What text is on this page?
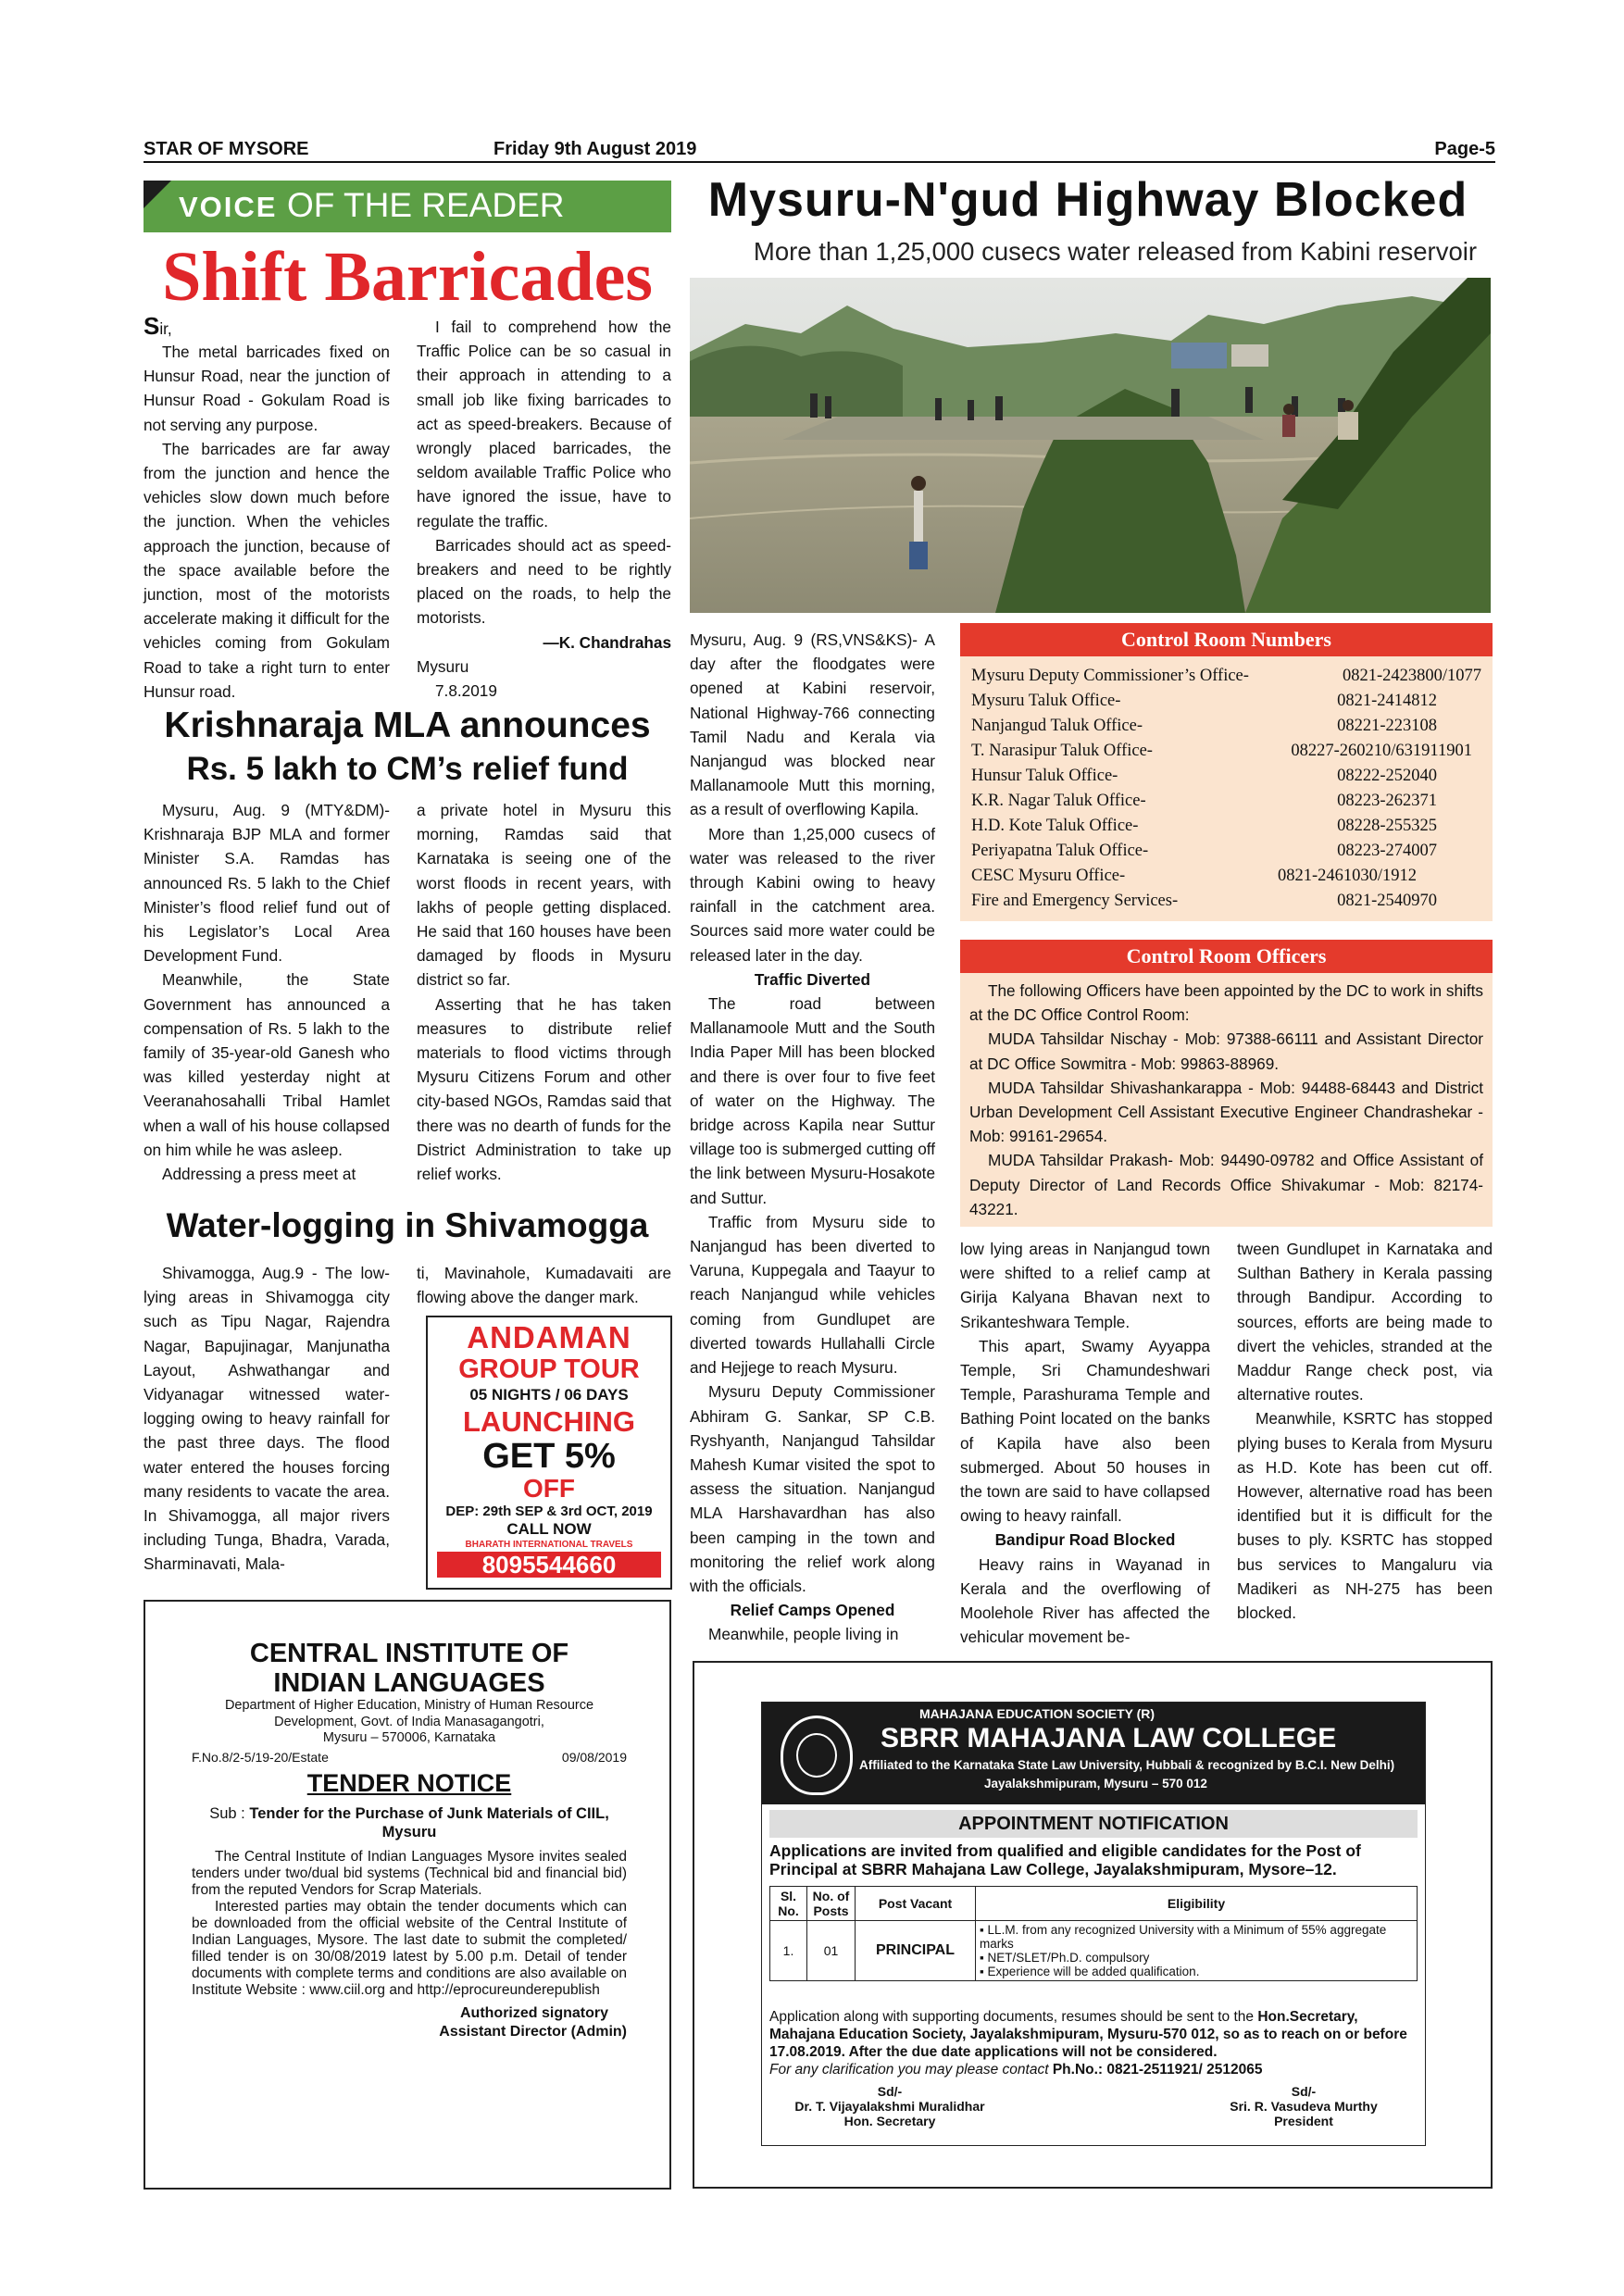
STAR OF MYSORE	Friday 9th August 2019	Page-5
VOICE OF THE READER
Shift Barricades

Sir,

The metal barricades fixed on Hunsur Road, near the junction of Hunsur Road - Gokulam Road is not serving any purpose.

The barricades are far away from the junction and hence the vehicles slow down much before the junction. When the vehicles approach the junction, because of the space available before the junction, most of the motorists accelerate making it difficult for the vehicles coming from Gokulam Road to take a right turn to enter Hunsur road.

I fail to comprehend how the Traffic Police can be so casual in their approach in attending to a small job like fixing barricades to act as speed-breakers. Because of wrongly placed barricades, the seldom available Traffic Police who have ignored the issue, have to regulate the traffic.

Barricades should act as speed-breakers and need to be rightly placed on the roads, to help the motorists.

—K. Chandrahas

Mysuru

7.8.2019

Krishnaraja MLA announces
Rs. 5 lakh to CM’s relief fund

Mysuru, Aug. 9 (MTY&DM)- Krishnaraja BJP MLA and former Minister S.A. Ramdas has announced Rs. 5 lakh to the Chief Minister’s flood relief fund out of his Legislator’s Local Area Development Fund.

Meanwhile, the State Government has announced a compensation of Rs. 5 lakh to the family of 35-year-old Ganesh who was killed yesterday night at Veeranahosahalli Tribal Hamlet when a wall of his house collapsed on him while he was asleep.

Addressing a press meet at

a private hotel in Mysuru this morning, Ramdas said that Karnataka is seeing one of the worst floods in recent years, with lakhs of people getting displaced. He said that 160 houses have been damaged by floods in Mysuru district so far.

Asserting that he has taken measures to distribute relief materials to flood victims through Mysuru Citizens Forum and other city-based NGOs, Ramdas said that there was no dearth of funds for the District Administration to take up relief works.

Water-logging in Shivamogga

Shivamogga, Aug.9 - The low-lying areas in Shivamogga city such as Tipu Nagar, Rajendra Nagar, Bapujinagar, Manjunatha Layout, Ashwathangar and Vidyanagar witnessed water-logging owing to heavy rainfall for the past three days. The flood water entered the houses forcing many residents to vacate the area. In Shivamogga, all major rivers including Tunga, Bhadra, Varada, Sharminavati, Mala-

ti, Mavinahole, Kumadavaiti are flowing above the danger mark.

ANDAMAN
GROUP TOUR
05 NIGHTS / 06 DAYS
LAUNCHING
GET 5%
OFF
DEP: 29th SEP & 3rd OCT, 2019
CALL NOW
BHARATH INTERNATIONAL TRAVELS
8095544660
CENTRAL INSTITUTE OF
INDIAN LANGUAGES
Department of Higher Education, Ministry of Human Resource
Development, Govt. of India Manasagangotri,
Mysuru – 570006, Karnataka
F.No.8/2-5/19-20/Estate	09/08/2019
TENDER NOTICE
Sub : Tender for the Purchase of Junk Materials of CIIL, Mysuru

The Central Institute of Indian Languages Mysore invites sealed tenders under two/dual bid systems (Technical bid and financial bid) from the reputed Vendors for Scrap Materials.

Interested parties may obtain the tender documents which can be downloaded from the official website of the Central Institute of Indian Languages, Mysore. The last date to submit the completed/ filled tender is on 30/08/2019 latest by 5.00 p.m. Detail of tender documents with complete terms and conditions are also available on Institute Website : www.ciil.org and http://eprocureunderepublish

Authorized signatory
Assistant Director (Admin)
Mysuru-N'gud Highway Blocked
More than 1,25,000 cusecs water released from Kabini reservoir

Mysuru, Aug. 9 (RS,VNS&KS)- A day after the floodgates were opened at Kabini reservoir, National Highway-766 connecting Tamil Nadu and Kerala via Nanjangud was blocked near Mallanamoole Mutt this morning, as a result of overflowing Kapila.

More than 1,25,000 cusecs of water was released to the river through Kabini owing to heavy rainfall in the catchment area. Sources said more water could be released later in the day.

Traffic Diverted

The road between Mallanamoole Mutt and the South India Paper Mill has been blocked and there is over four to five feet of water on the Highway. The bridge across Kapila near Suttur village too is submerged cutting off the link between Mysuru-Hosakote and Suttur.

Traffic from Mysuru side to Nanjangud has been diverted to Varuna, Kuppegala and Taayur to reach Nanjangud while vehicles coming from Gundlupet are diverted towards Hullahalli Circle and Hejjege to reach Mysuru.

Mysuru Deputy Commissioner Abhiram G. Sankar, SP C.B. Ryshyanth, Nanjangud Tahsildar Mahesh Kumar visited the spot to assess the situation. Nanjangud MLA Harshavardhan has also been camping in the town and monitoring the relief work along with the officials.

Relief Camps Opened

Meanwhile, people living in

Control Room Numbers
Mysuru Deputy Commissioner’s Office-	0821-2423800/1077
Mysuru Taluk Office-	0821-2414812
Nanjangud Taluk Office-	08221-223108
T. Narasipur Taluk Office-	08227-260210/631911901
Hunsur Taluk Office-	08222-252040
K.R. Nagar Taluk Office-	08223-262371
H.D. Kote Taluk Office-	08228-255325
Periyapatna Taluk Office-	08223-274007
CESC Mysuru Office-	0821-2461030/1912
Fire and Emergency Services-	0821-2540970
Control Room Officers

The following Officers have been appointed by the DC to work in shifts at the DC Office Control Room:

MUDA Tahsildar Nischay - Mob: 97388-66111 and Assistant Director at DC Office Sowmitra - Mob: 99863-88969.

MUDA Tahsildar Shivashankarappa - Mob: 94488-68443 and District Urban Development Cell Assistant Executive Engineer Chandrashekar - Mob: 99161-29654.

MUDA Tahsildar Prakash- Mob: 94490-09782 and Office Assistant of Deputy Director of Land Records Office Shivakumar - Mob: 82174-43221.

low lying areas in Nanjangud town were shifted to a relief camp at Girija Kalyana Bhavan next to Srikanteshwara Temple.

This apart, Swamy Ayyappa Temple, Sri Chamundeshwari Temple, Parashurama Temple and Bathing Point located on the banks of Kapila have also been submerged. About 50 houses in the town are said to have collapsed owing to heavy rainfall.

Bandipur Road Blocked

Heavy rains in Wayanad in Kerala and the overflowing of Moolehole River has affected the vehicular movement be-

tween Gundlupet in Karnataka and Sulthan Bathery in Kerala passing through Bandipur. According to sources, efforts are being made to divert the vehicles, stranded at the Maddur Range check post, via alternative routes.

Meanwhile, KSRTC has stopped plying buses to Kerala from Mysuru as H.D. Kote has been cut off. However, alternative road has been identified but it is difficult for the buses to ply. KSRTC has stopped bus services to Mangaluru via Madikeri as NH-275 has been blocked.

MAHAJANA EDUCATION SOCIETY (R)
SBRR MAHAJANA LAW COLLEGE
Affiliated to the Karnataka State Law University, Hubbali & recognized by B.C.I. New Delhi)
Jayalakshmipuram, Mysuru – 570 012
APPOINTMENT NOTIFICATION
Applications are invited from qualified and eligible candidates for the Post of Principal at SBRR Mahajana Law College, Jayalakshmipuram, Mysore–12.
Sl. No.	No. of Posts	Post Vacant	Eligibility
1.	01	PRINCIPAL	▪ LL.M. from any recognized University with a Minimum of 55% aggregate marks
▪ NET/SLET/Ph.D. compulsory
▪ Experience will be added qualification.
Application along with supporting documents, resumes should be sent to the Hon.Secretary, Mahajana Education Society, Jayalakshmipuram, Mysuru-570 012, so as to reach on or before 17.08.2019. After the due date applications will not be considered.
For any clarification you may please contact Ph.No.: 0821-2511921/ 2512065
Sd/-
Dr. T. Vijayalakshmi Muralidhar
Hon. Secretary
Sd/-
Sri. R. Vasudeva Murthy
President
